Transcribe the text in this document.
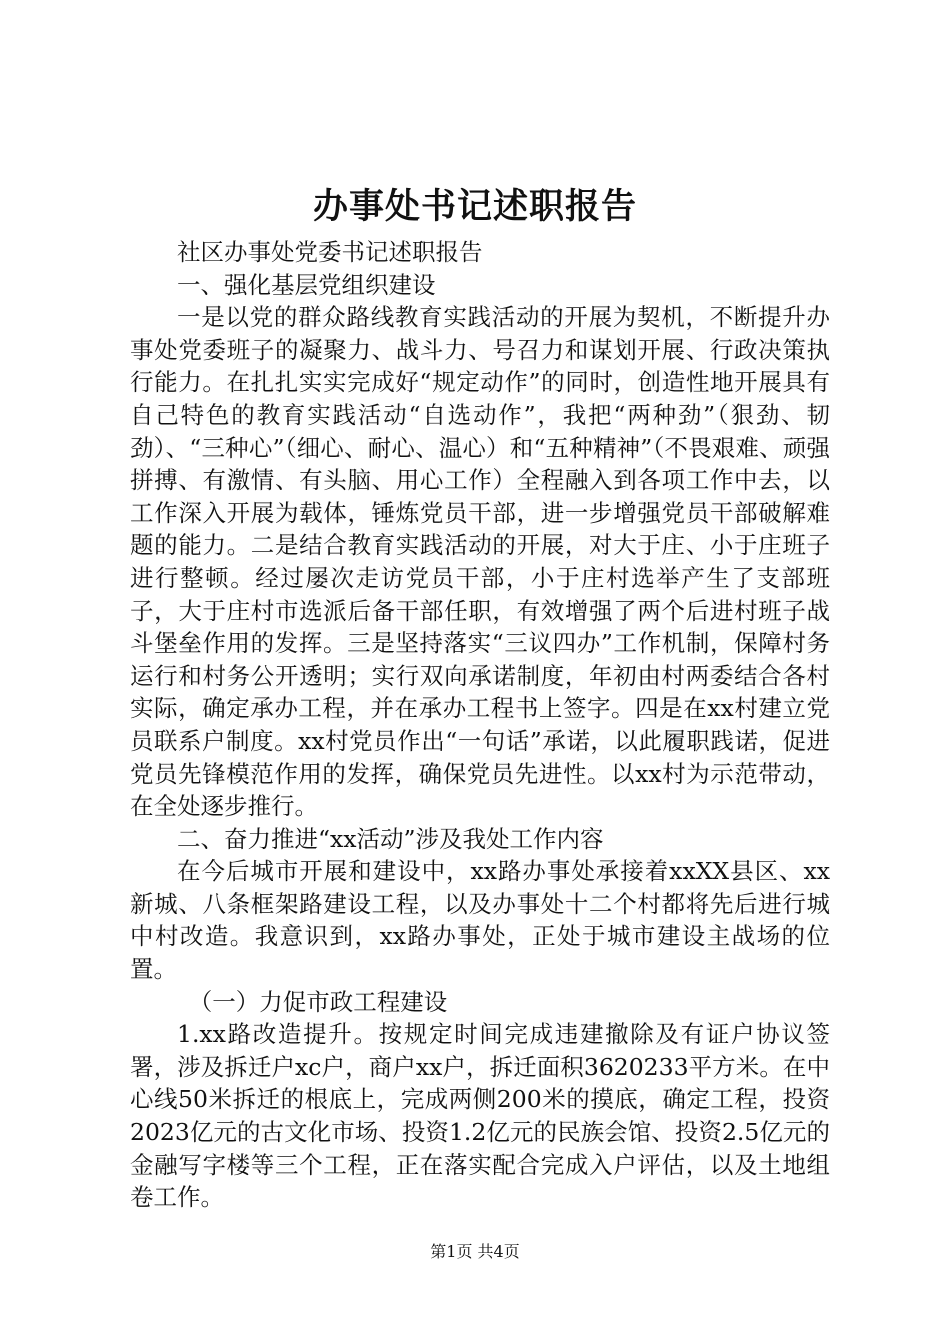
办事处书记述职报告

社区办事处党委书记述职报告

一、强化基层党组织建设

一是以党的群众路线教育实践活动的开展为契机，不断提升办事处党委班子的凝聚力、战斗力、号召力和谋划开展、行政决策执行能力。在扎扎实实完成好“规定动作”的同时，创造性地开展具有自己特色的教育实践活动“自选动作”，我把“两种劲”（狠劲、韧劲）、“三种心”（细心、耐心、温心）和“五种精神”（不畏艰难、顽强拼搏、有激情、有头脑、用心工作）全程融入到各项工作中去，以工作深入开展为载体，锤炼党员干部，进一步增强党员干部破解难题的能力。二是结合教育实践活动的开展，对大于庄、小于庄班子进行整顿。经过屡次走访党员干部，小于庄村选举产生了支部班子，大于庄村市选派后备干部任职，有效增强了两个后进村班子战斗堡垒作用的发挥。三是坚持落实“三议四办”工作机制，保障村务运行和村务公开透明；实行双向承诺制度，年初由村两委结合各村实际，确定承办工程，并在承办工程书上签字。四是在xx村建立党员联系户制度。xx村党员作出“一句话”承诺，以此履职践诺，促进党员先锋模范作用的发挥，确保党员先进性。以xx村为示范带动，在全处逐步推行。

二、奋力推进“xx活动”涉及我处工作内容

在今后城市开展和建设中，xx路办事处承接着xxXX县区、xx新城、八条框架路建设工程，以及办事处十二个村都将先后进行城中村改造。我意识到，xx路办事处，正处于城市建设主战场的位置。

（一）力促市政工程建设

1.xx路改造提升。按规定时间完成违建撤除及有证户协议签署，涉及拆迁户xc户，商户xx户，拆迁面积3620233平方米。在中心线50米拆迁的根底上，完成两侧200米的摸底，确定工程，投资2023亿元的古文化市场、投资1.2亿元的民族会馆、投资2.5亿元的金融写字楼等三个工程，正在落实配合完成入户评估，以及土地组卷工作。

第1页 共4页
